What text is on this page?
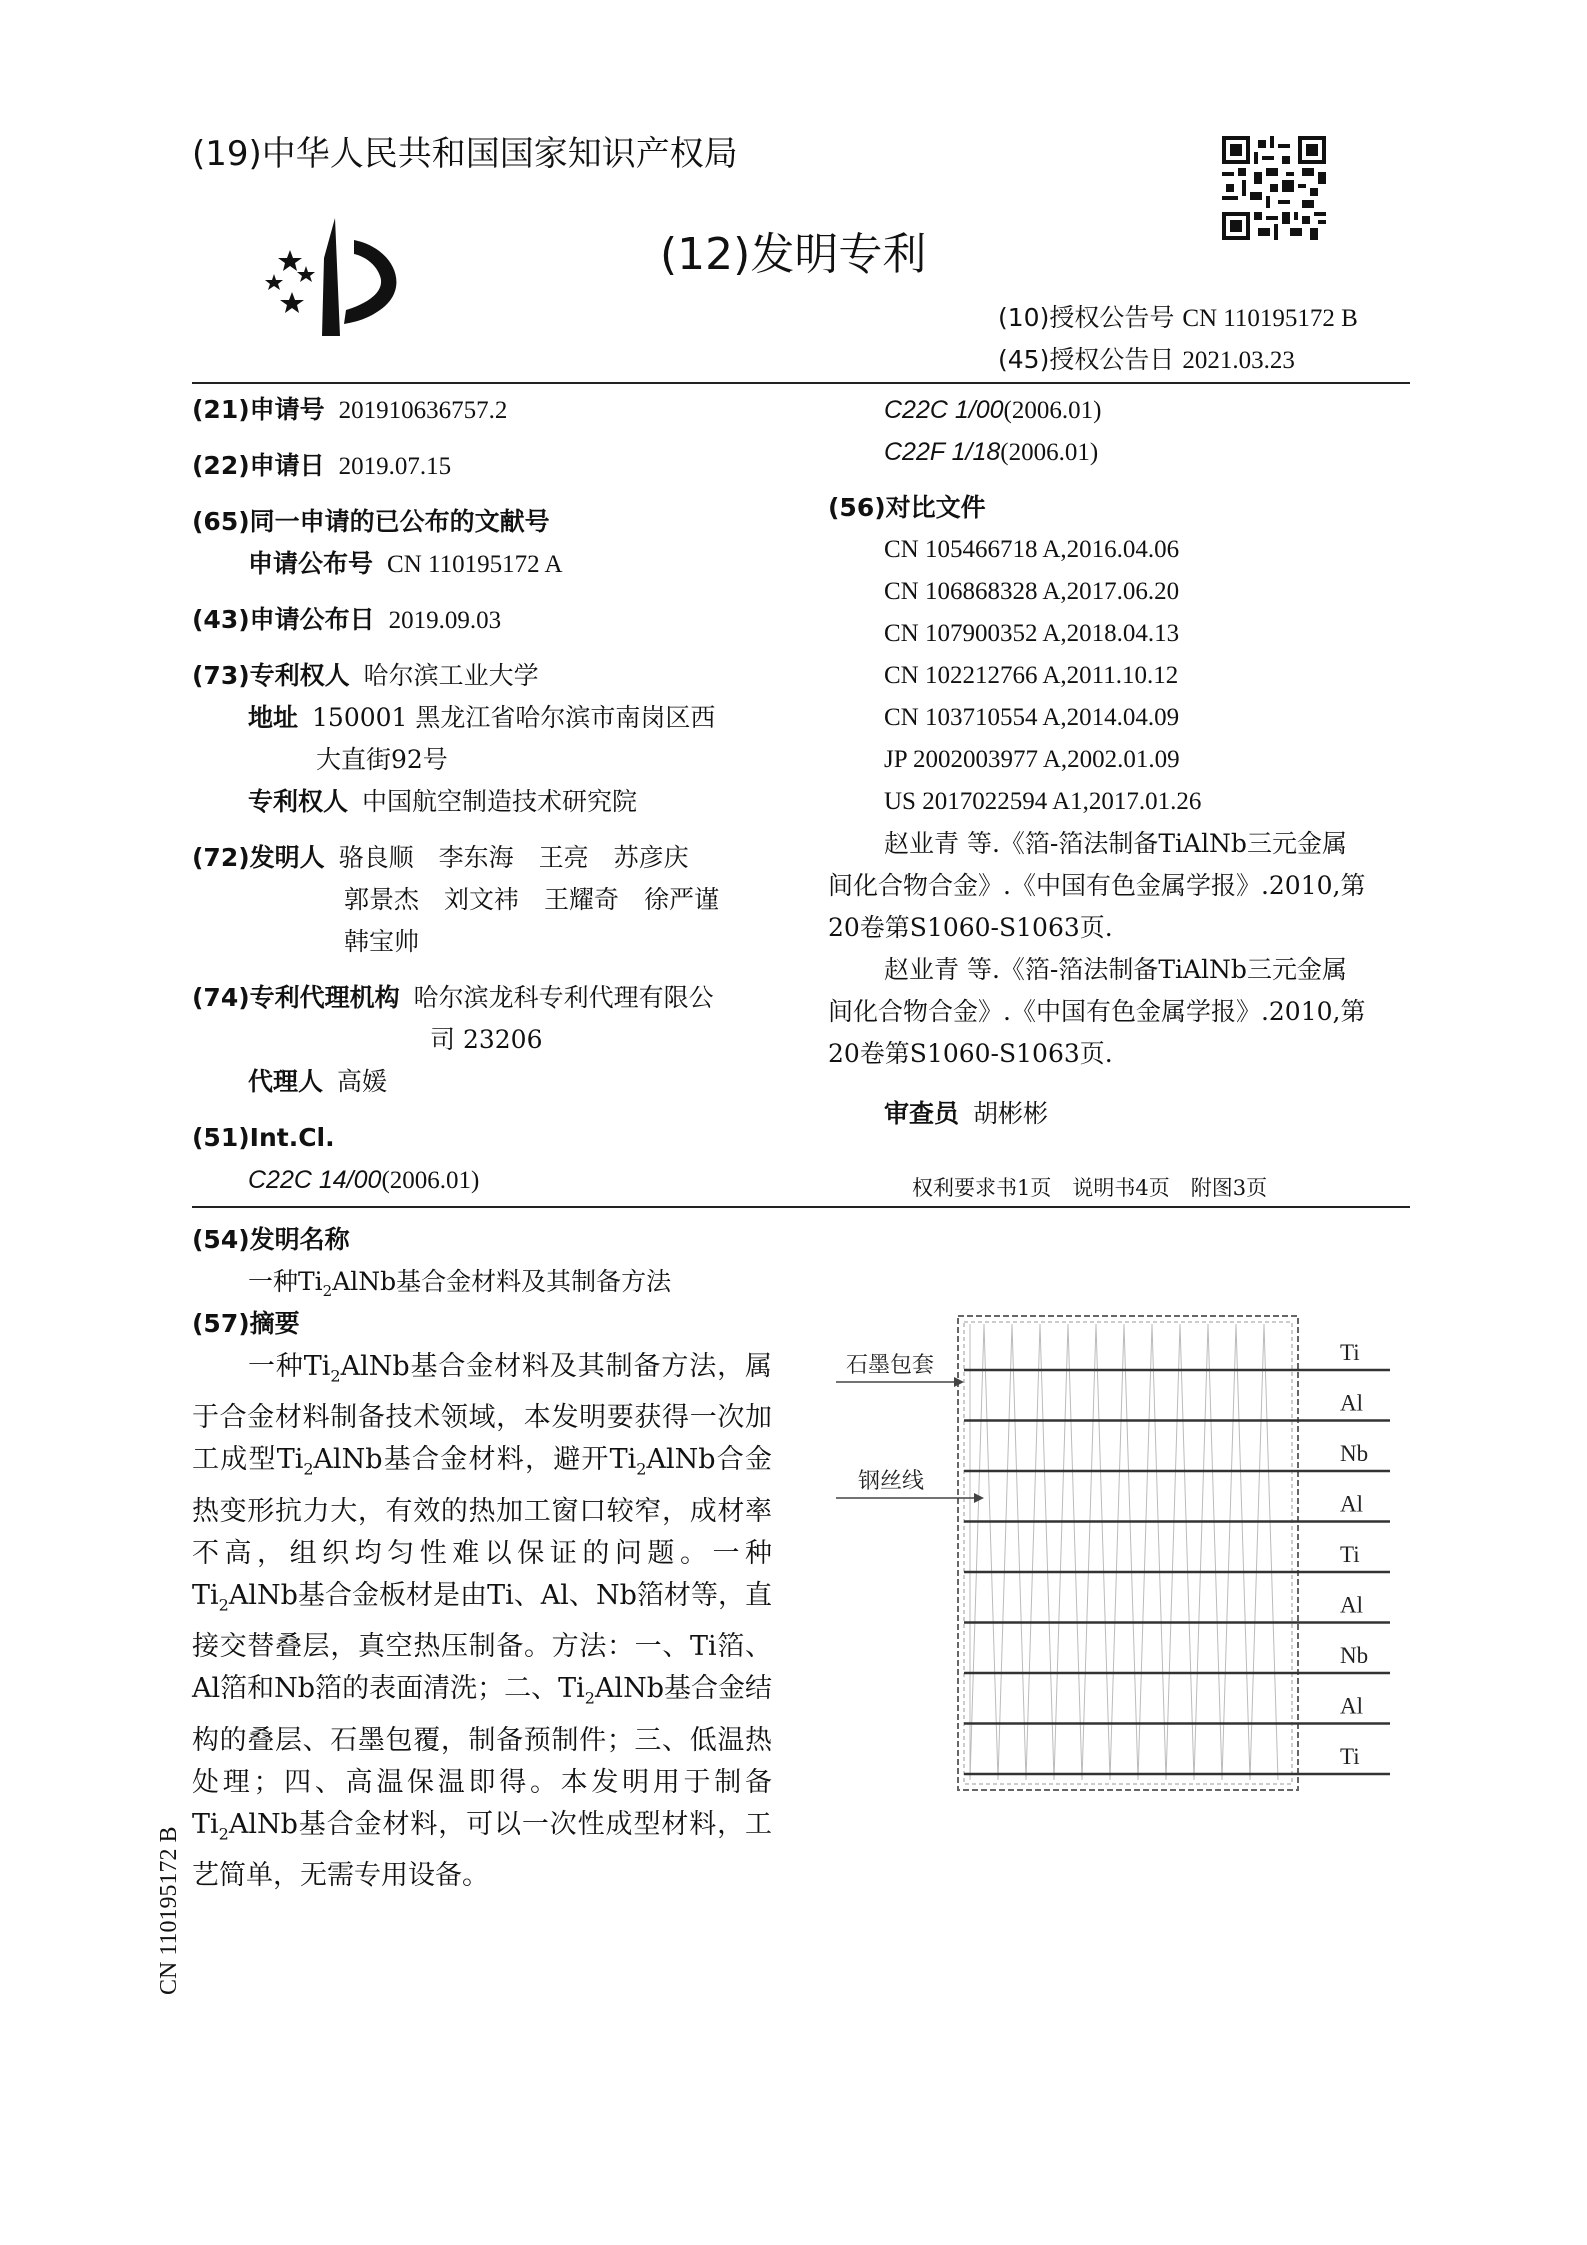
(19)中华人民共和国国家知识产权局
(12)发明专利
(10)授权公告号 CN 110195172 B
(45)授权公告日 2021.03.23
(21)申请号 201910636757.2
(22)申请日 2019.07.15
(65)同一申请的已公布的文献号
申请公布号 CN 110195172 A
(43)申请公布日 2019.09.03
(73)专利权人 哈尔滨工业大学
地址 150001 黑龙江省哈尔滨市南岗区西
大直街92号
专利权人 中国航空制造技术研究院
(72)发明人 骆良顺　李东海　王亮　苏彦庆
郭景杰　刘文祎　王耀奇　徐严谨
韩宝帅
(74)专利代理机构 哈尔滨龙科专利代理有限公
司 23206
代理人 高媛
(51)Int.Cl.
C22C 14/00(2006.01)
C22C 1/00(2006.01)
C22F 1/18(2006.01)
(56)对比文件
CN 105466718 A,2016.04.06
CN 106868328 A,2017.06.20
CN 107900352 A,2018.04.13
CN 102212766 A,2011.10.12
CN 103710554 A,2014.04.09
JP 2002003977 A,2002.01.09
US 2017022594 A1,2017.01.26
赵业青 等.《箔-箔法制备TiAlNb三元金属
间化合物合金》.《中国有色金属学报》.2010,第
20卷第S1060-S1063页.
赵业青 等.《箔-箔法制备TiAlNb三元金属
间化合物合金》.《中国有色金属学报》.2010,第
20卷第S1060-S1063页.
审查员 胡彬彬
权利要求书1页　说明书4页　附图3页
(54)发明名称
一种$Ti_2AlNb$基合金材料及其制备方法
(57)摘要
一种$Ti_2AlNb$基合金材料及其制备方法，属于合金材料制备技术领域，本发明要获得一次加工成型$Ti_2AlNb$基合金材料，避开$Ti_2AlNb$合金热变形抗力大，有效的热加工窗口较窄，成材率不高，组织均匀性难以保证的问题。一种$Ti_2AlNb$基合金板材是由Ti、Al、Nb箔材等，直接交替叠层，真空热压制备。方法：一、Ti箔、Al箔和Nb箔的表面清洗；二、$Ti_2AlNb$基合金结构的叠层、石墨包覆，制备预制件；三、低温热处理；四、高温保温即得。本发明用于制备$Ti_2AlNb$基合金材料，可以一次性成型材料，工艺简单，无需专用设备。
石墨包套
钢丝线
Ti
Al
Nb
Al
Ti
Al
Nb
Al
Ti
CN 110195172 B
